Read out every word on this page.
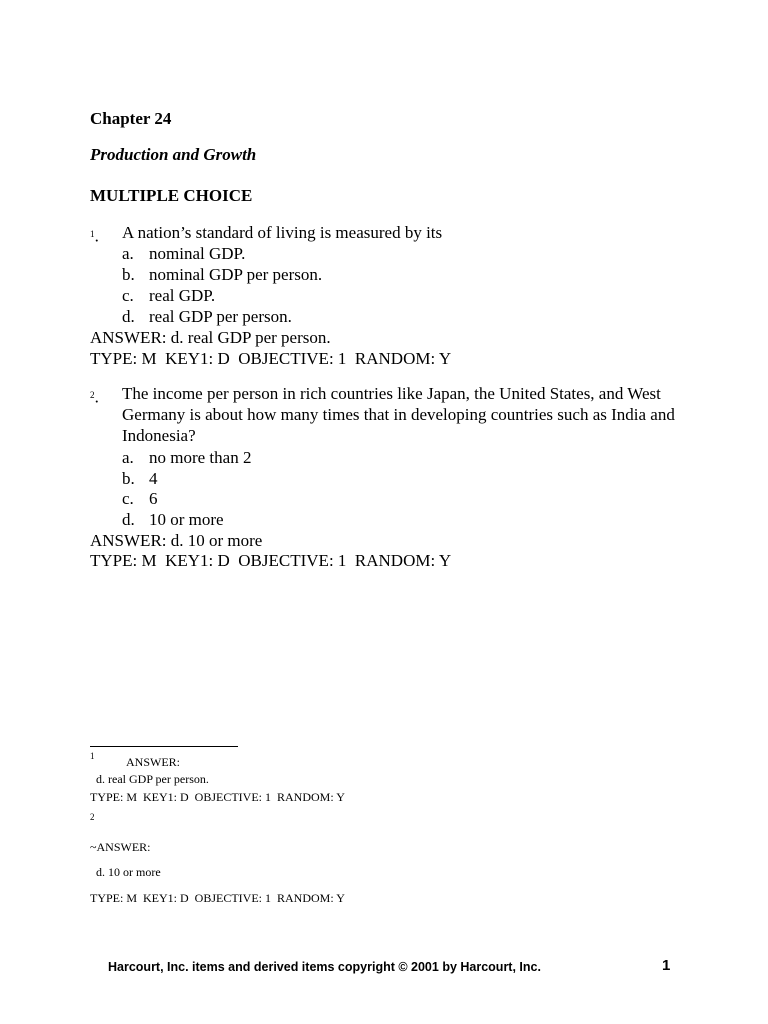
Chapter 24
Production and Growth
MULTIPLE CHOICE
$^1$. A nation’s standard of living is measured by its
a. nominal GDP.
b. nominal GDP per person.
c. real GDP.
d. real GDP per person.
ANSWER: d. real GDP per person.
TYPE: M  KEY1: D  OBJECTIVE: 1  RANDOM: Y
$^2$. The income per person in rich countries like Japan, the United States, and West Germany is about how many times that in developing countries such as India and Indonesia?
a. no more than 2
b. 4
c. 6
d. 10 or more
ANSWER: d. 10 or more
TYPE: M  KEY1: D  OBJECTIVE: 1  RANDOM: Y
1	ANSWER:
d. real GDP per person.
TYPE: M  KEY1: D  OBJECTIVE: 1  RANDOM: Y
2
~ANSWER:
d. 10 or more
TYPE: M  KEY1: D  OBJECTIVE: 1  RANDOM: Y
Harcourt, Inc. items and derived items copyright © 2001 by Harcourt, Inc.	1
